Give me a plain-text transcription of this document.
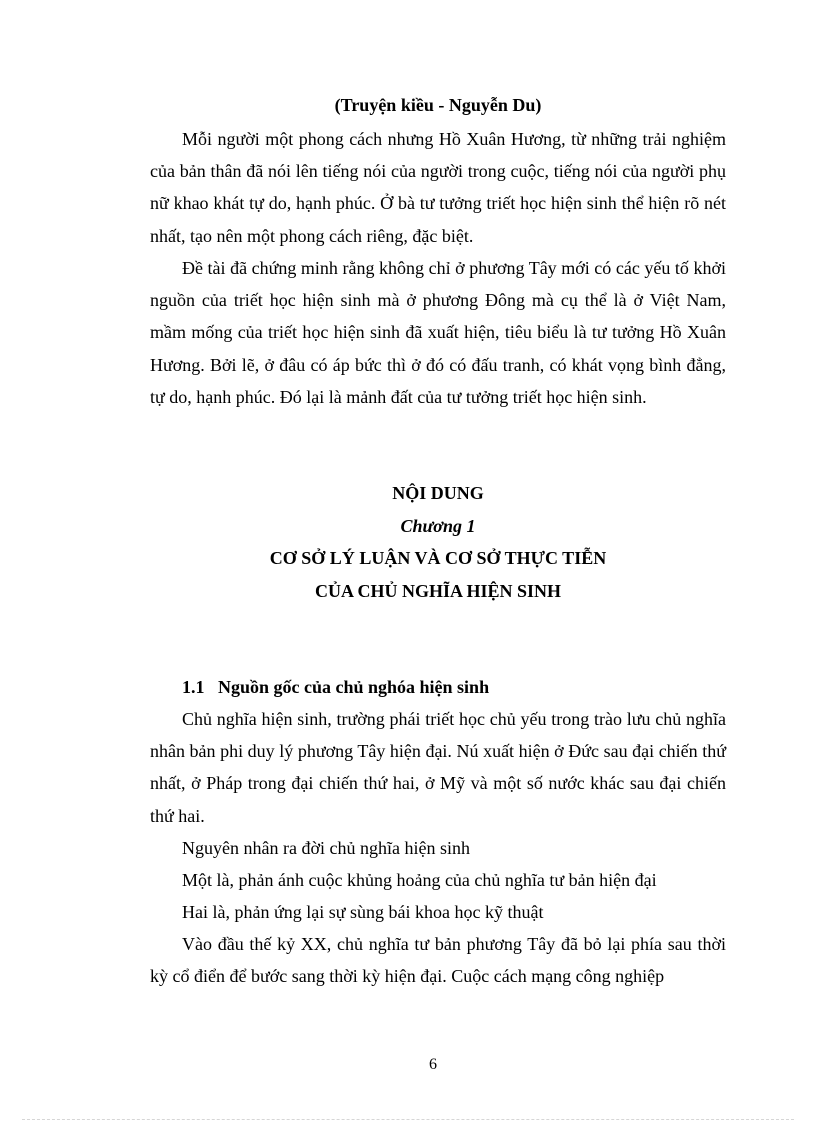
(Truyện kiều - Nguyễn Du)
Mỗi người một phong cách nhưng Hồ Xuân Hương, từ những trải nghiệm của bản thân đã nói lên tiếng nói của người trong cuộc, tiếng nói của người phụ nữ khao khát tự do, hạnh phúc. Ở bà tư tưởng triết học hiện sinh thể hiện rõ nét nhất, tạo nên một phong cách riêng, đặc biệt.
Đề tài đã chứng minh rằng không chỉ ở phương Tây mới có các yếu tố khởi nguồn của triết học hiện sinh mà ở phương Đông mà cụ thể là ở Việt Nam, mầm mống của triết học hiện sinh đã xuất hiện, tiêu biểu là tư tưởng Hồ Xuân Hương. Bởi lẽ, ở đâu có áp bức thì ở đó có đấu tranh, có khát vọng bình đẳng, tự do, hạnh phúc. Đó lại là mảnh đất của tư tưởng triết học hiện sinh.
NỘI DUNG
Chương 1
CƠ SỞ LÝ LUẬN VÀ CƠ SỞ THỰC TIỄN
CỦA CHỦ NGHĨA HIỆN SINH
1.1   Nguồn gốc của chủ nghóa hiện sinh
Chủ nghĩa hiện sinh, trường phái triết học chủ yếu trong trào lưu chủ nghĩa nhân bản phi duy lý phương Tây hiện đại. Nú xuất hiện ở Đức sau đại chiến thứ nhất, ở Pháp trong đại chiến thứ hai, ở Mỹ và một số nước khác sau đại chiến thứ hai.
Nguyên nhân ra đời chủ nghĩa hiện sinh
Một là, phản ánh cuộc khủng hoảng của chủ nghĩa tư bản hiện đại
Hai là, phản ứng lại sự sùng bái khoa học kỹ thuật
Vào đầu thế kỷ XX, chủ nghĩa tư bản phương Tây đã bỏ lại phía sau thời kỳ cổ điển để bước sang thời kỳ hiện đại. Cuộc cách mạng công nghiệp
6
